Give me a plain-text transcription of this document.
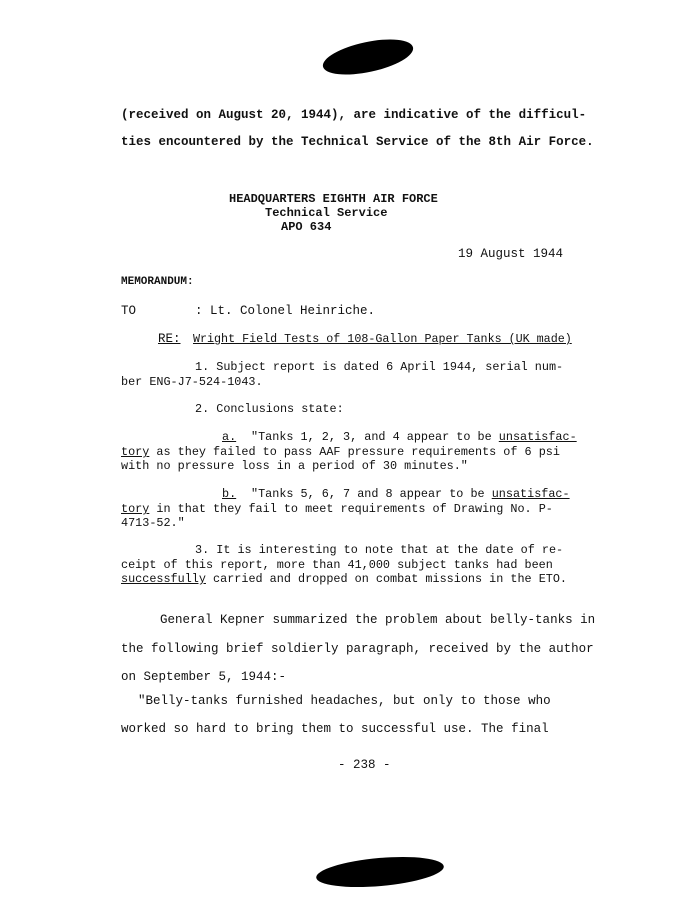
(received on August 20, 1944), are indicative of the difficul-
ties encountered by the Technical Service of the 8th Air Force.
HEADQUARTERS EIGHTH AIR FORCE
Technical Service
APO 634
19 August 1944
MEMORANDUM:
TO	: Lt. Colonel Heinriche.
RE: Wright Field Tests of 108-Gallon Paper Tanks (UK made)
1. Subject report is dated 6 April 1944, serial num-
ber ENG-J7-524-1043.
2. Conclusions state:
a. "Tanks 1, 2, 3, and 4 appear to be unsatisfac-
tory as they failed to pass AAF pressure requirements of 6 psi
with no pressure loss in a period of 30 minutes."
b. "Tanks 5, 6, 7 and 8 appear to be unsatisfac-
tory in that they fail to meet requirements of Drawing No. P-
4713-52."
3. It is interesting to note that at the date of re-
ceipt of this report, more than 41,000 subject tanks had been
successfully carried and dropped on combat missions in the ETO.
General Kepner summarized the problem about belly-tanks in
the following brief soldierly paragraph, received by the author
on September 5, 1944:-
"Belly-tanks furnished headaches, but only to those who
worked so hard to bring them to successful use. The final
- 238 -
